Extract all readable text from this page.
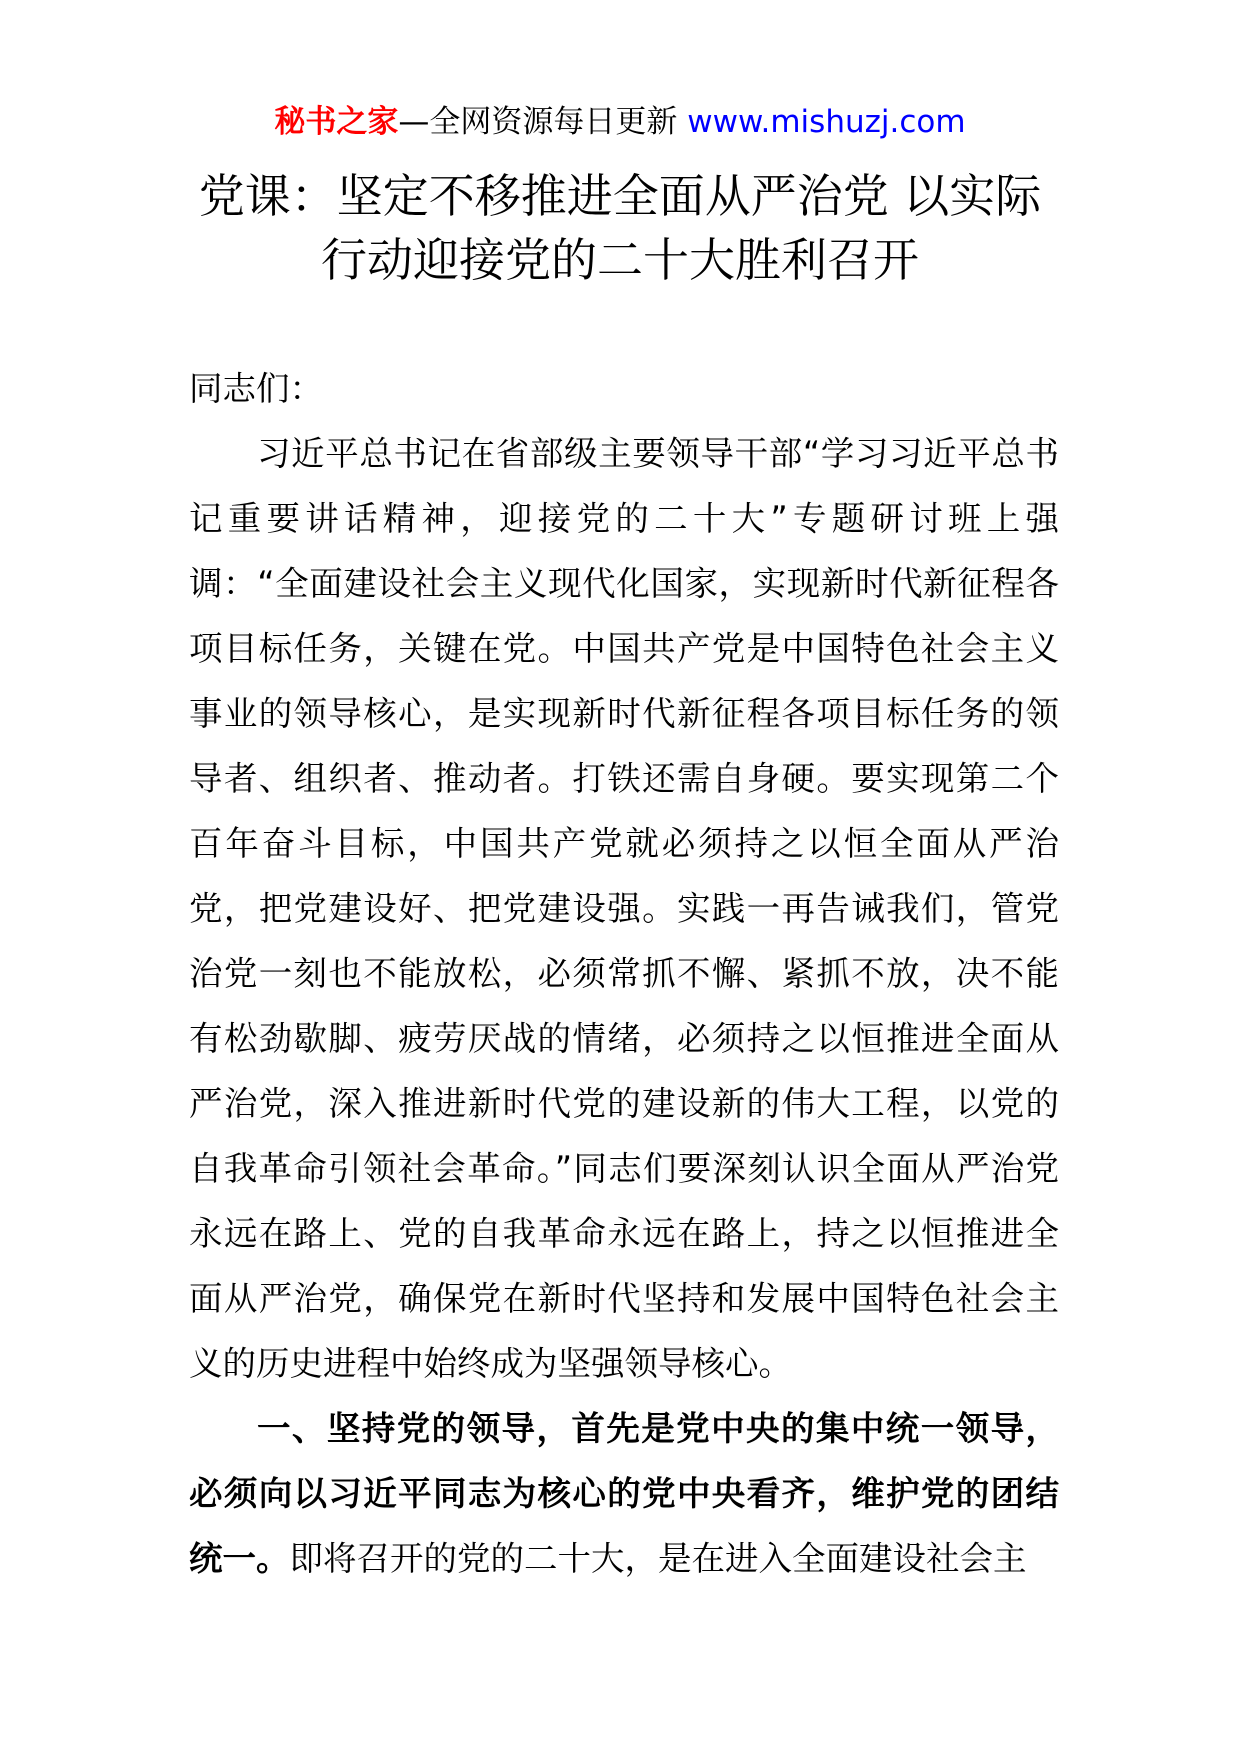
秘书之家—全网资源每日更新 www.mishuzj.com
党课：坚定不移推进全面从严治党 以实际
行动迎接党的二十大胜利召开

同志们：

习近平总书记在省部级主要领导干部“学习习近平总书记重要讲话精神，迎接党的二十大”专题研讨班上强调：“全面建设社会主义现代化国家，实现新时代新征程各项目标任务，关键在党。中国共产党是中国特色社会主义事业的领导核心，是实现新时代新征程各项目标任务的领导者、组织者、推动者。打铁还需自身硬。要实现第二个百年奋斗目标，中国共产党就必须持之以恒全面从严治党，把党建设好、把党建设强。实践一再告诫我们，管党治党一刻也不能放松，必须常抓不懈、紧抓不放，决不能有松劲歇脚、疲劳厌战的情绪，必须持之以恒推进全面从严治党，深入推进新时代党的建设新的伟大工程，以党的自我革命引领社会革命。”同志们要深刻认识全面从严治党永远在路上、党的自我革命永远在路上，持之以恒推进全面从严治党，确保党在新时代坚持和发展中国特色社会主义的历史进程中始终成为坚强领导核心。

一、坚持党的领导，首先是党中央的集中统一领导，必须向以习近平同志为核心的党中央看齐，维护党的团结统一。即将召开的党的二十大，是在进入全面建设社会主
